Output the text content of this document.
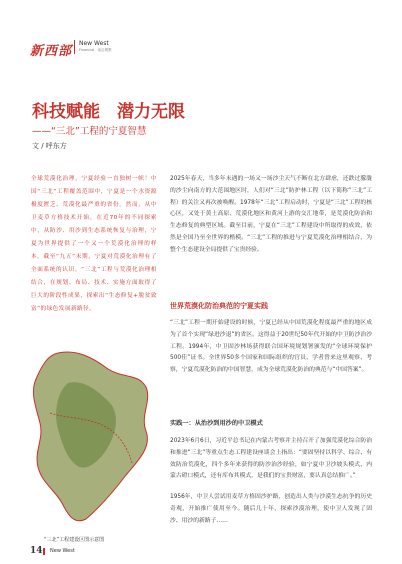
新西部
New West
Financial · 前沿观察
科技赋能　潜力无限
——“三北”工程的宁夏智慧
文 / 呼东方
全球荒漠化治理，宁夏经验一直独树一帜！中国“三北”工程覆盖范围中，宁夏是一个水资源极度匮乏、荒漠化最严重的省份。然而，从中卫麦草方格技术开始，在近70年的不同探索中，从防沙、用沙到生态系统恢复与治理，宁夏为世界提供了一个又一个荒漠化治理的样本。截至“九五”末期，宁夏对荒漠化治理有了全面系统的认识。“三北”工程与荒漠化治理相结合，在规划、布局、技术、实施方面取得了巨大的阶段性成果，探索出“生态修复+脱贫致富”的绿色发展新路径。
“三北”工程建设区图示意图
2025年春天，当多年未遇的一场又一场沙尘天气不断在北方肆虐，还跌过朦胧的沙尘向南方的大范围地区时，人们对“三北”防护林工程（以下简称“三北”工程）的关注又再次被唤醒。1978年“三北”工程启动时，宁夏是“三北”工程的核心区，又处于黄土高原、荒漠化地区和黄河上游的交汇地带，是荒漠化防治和生态修复的典型区域。截至目前，宁夏在“三北”工程建设中所取得的成效，依然是全国乃至全世界的楷模。“三北”工程的推进与宁夏荒漠化治理相结合，为整个生态建设全局提供了宝贵经验。
世界荒漠化防治典范的宁夏实践
“三北”工程一期开始建设的时候，宁夏已经从中国荒漠化程度最严重的地区成为了首个实现“绿进沙退”的省区。这得益于20世纪50年代开始的中卫防沙治沙工程。1994年，中卫固沙林场获得联合国环境规划署颁发的“全球环境保护500佳”证书。全世界50多个国家和国际组织的官员、学者曾来这里观察、考察，宁夏荒漠化防治的中国智慧，成为全球荒漠化防治的典范与“中国答案”。
实践一：从治沙到用沙的中卫模式
2023年6月6日，习近平总书记在内蒙古考察并主持召开了加强荒漠化综合防治和推进“三北”等重点生态工程建设座谈会上指出：“要固坚持以科学、综合、有效防治荒漠化，四个多年来获得的防沙治沙经验，如宁夏中卫沙坡头模式、内蒙古磴口模式，还有库布其模式，是我们的宝贵财富，要认真总结推广。”
1956年，中卫人尝试用麦草方格固沙护路，创造出人类与沙漠生态抗争的历史奇观，开始推广使用至今。随后几十年，探索沙漠治理，使中卫人发现了固沙、用沙的新路子……
14 New West
